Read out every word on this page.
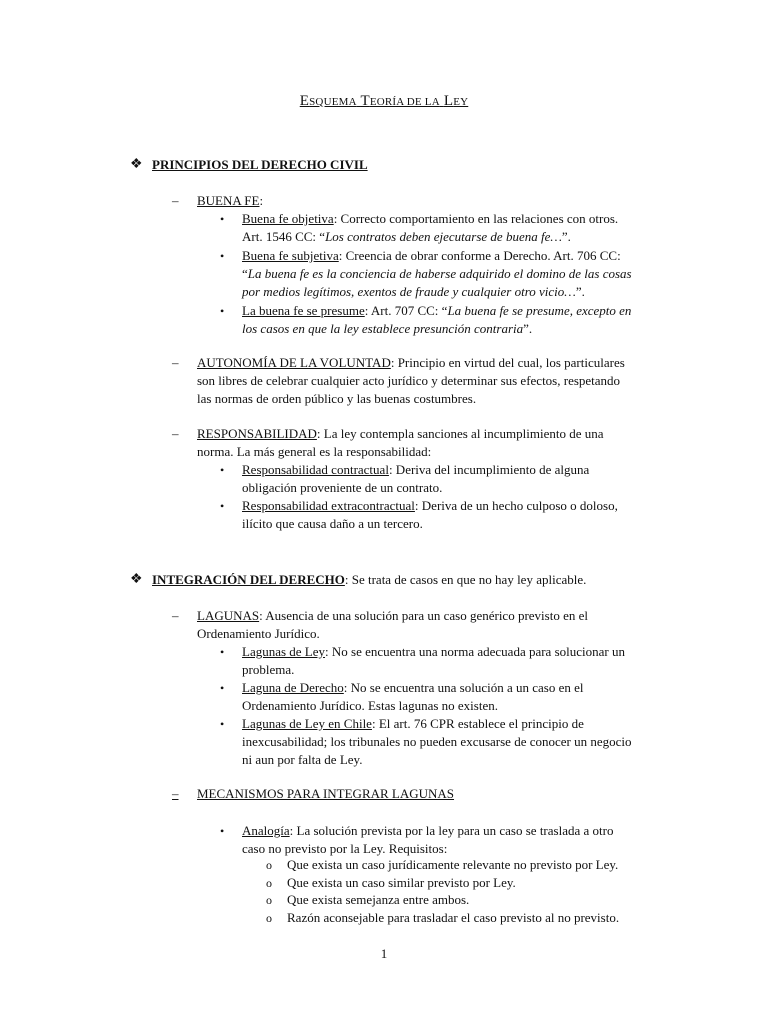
ESQUEMA TEORÍA DE LA LEY
❖ PRINCIPIOS DEL DERECHO CIVIL
– BUENA FE:
• Buena fe objetiva: Correcto comportamiento en las relaciones con otros.
Art. 1546 CC: “Los contratos deben ejecutarse de buena fe…”.
• Buena fe subjetiva: Creencia de obrar conforme a Derecho. Art. 706 CC:
“La buena fe es la conciencia de haberse adquirido el domino de las cosas
por medios legítimos, exentos de fraude y cualquier otro vicio…”.
• La buena fe se presume: Art. 707 CC: “La buena fe se presume, excepto en
los casos en que la ley establece presunción contraria”.
– AUTONOMÍA DE LA VOLUNTAD: Principio en virtud del cual, los particulares
son libres de celebrar cualquier acto jurídico y determinar sus efectos, respetando
las normas de orden público y las buenas costumbres.
– RESPONSABILIDAD: La ley contempla sanciones al incumplimiento de una
norma. La más general es la responsabilidad:
• Responsabilidad contractual: Deriva del incumplimiento de alguna
obligación proveniente de un contrato.
• Responsabilidad extracontractual: Deriva de un hecho culposo o doloso,
ilícito que causa daño a un tercero.
❖ INTEGRACIÓN DEL DERECHO: Se trata de casos en que no hay ley aplicable.
– LAGUNAS: Ausencia de una solución para un caso genérico previsto en el
Ordenamiento Jurídico.
• Lagunas de Ley: No se encuentra una norma adecuada para solucionar un
problema.
• Laguna de Derecho: No se encuentra una solución a un caso en el
Ordenamiento Jurídico. Estas lagunas no existen.
• Lagunas de Ley en Chile: El art. 76 CPR establece el principio de
inexcusabilidad; los tribunales no pueden excusarse de conocer un negocio
ni aun por falta de Ley.
– MECANISMOS PARA INTEGRAR LAGUNAS
• Analogía: La solución prevista por la ley para un caso se traslada a otro
caso no previsto por la Ley. Requisitos:
o Que exista un caso jurídicamente relevante no previsto por Ley.
o Que exista un caso similar previsto por Ley.
o Que exista semejanza entre ambos.
o Razón aconsejable para trasladar el caso previsto al no previsto.
1
